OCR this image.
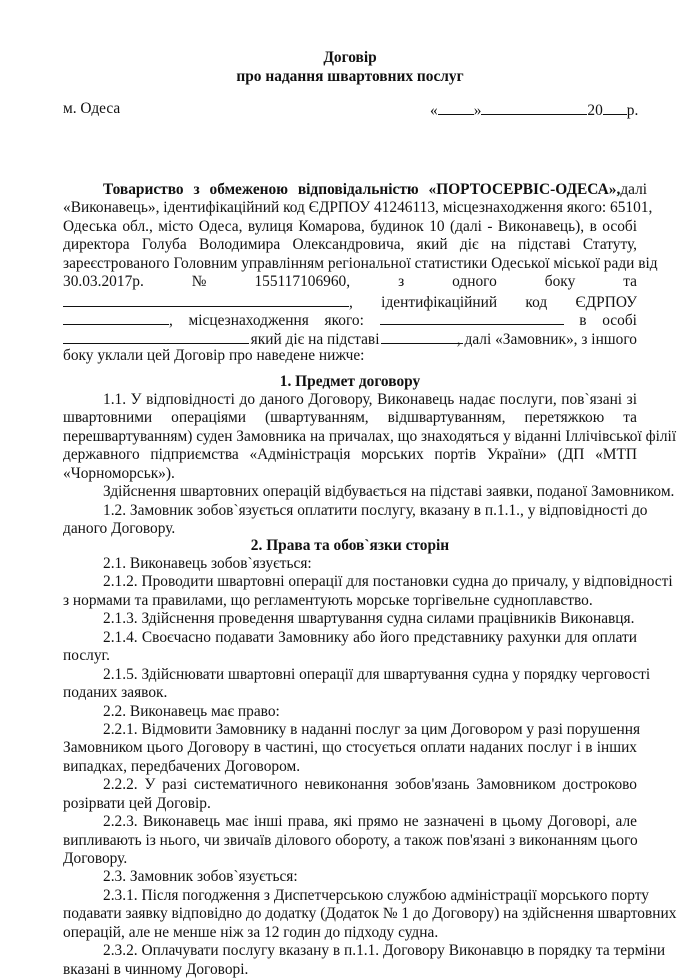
Договір
про надання швартовних послуг
м. Одеса	« »	20 р.
Товариство з обмеженою відповідальністю «ПОРТОСЕРВІС-ОДЕСА», далі
«Виконавець», ідентифікаційний код ЄДРПОУ 41246113, місцезнаходження якого: 65101,
Одеська обл., місто Одеса, вулиця Комарова, будинок 10 (далі - Виконавець), в особі
директора Голуба Володимира Олександровича, який діє на підставі Статуту,
зареєстрованого Головним управлінням регіональної статистики Одеської міської ради від
30.03.2017р.	№	155117106960,	з	одного	боку	та
, ідентифікаційний код ЄДРПОУ
, місцезнаходження якого:	в особі
який діє на підставі	, далі «Замовник», з іншого
боку уклали цей Договір про наведене нижче:
1. Предмет договору
1.1. У відповідності до даного Договору, Виконавець надає послуги, пов`язані зі
швартовними операціями (швартуванням, відшвартуванням, перетяжкою та
перешвартуванням) суден Замовника на причалах, що знаходяться у віданні Іллічівської філії
державного підприємства «Адміністрація морських портів України» (ДП «МТП
«Чорноморськ»).
Здійснення швартовних операцій відбувається на підставі заявки, поданої Замовником.
1.2. Замовник зобов`язується оплатити послугу, вказану в п.1.1., у відповідності до
даного Договору.
2. Права та обов`язки сторін
2.1. Виконавець зобов`язується:
2.1.2. Проводити швартовні операції для постановки судна до причалу, у відповідності
з нормами та правилами, що регламентують морське торгівельне судноплавство.
2.1.3. Здійснення проведення швартування судна силами працівників Виконавця.
2.1.4. Своєчасно подавати Замовнику або його представнику рахунки для оплати
послуг.
2.1.5. Здійснювати швартовні операції для швартування судна у порядку черговості
поданих заявок.
2.2. Виконавець має право:
2.2.1. Відмовити Замовнику в наданні послуг за цим Договором у разі порушення
Замовником цього Договору в частині, що стосується оплати наданих послуг і в інших
випадках, передбачених Договором.
2.2.2. У разі систематичного невиконання зобов'язань Замовником достроково
розірвати цей Договір.
2.2.3. Виконавець має інші права, які прямо не зазначені в цьому Договорі, але
випливають із нього, чи звичаїв ділового обороту, а також пов'язані з виконанням цього
Договору.
2.3. Замовник зобов`язується:
2.3.1. Після погодження з Диспетчерською службою адміністрації морського порту
подавати заявку відповідно до додатку (Додаток № 1 до Договору) на здійснення швартовних
операцій, але не менше ніж за 12 годин до підходу судна.
2.3.2. Оплачувати послугу вказану в п.1.1. Договору Виконавцю в порядку та терміни
вказані в чинному Договорі.
